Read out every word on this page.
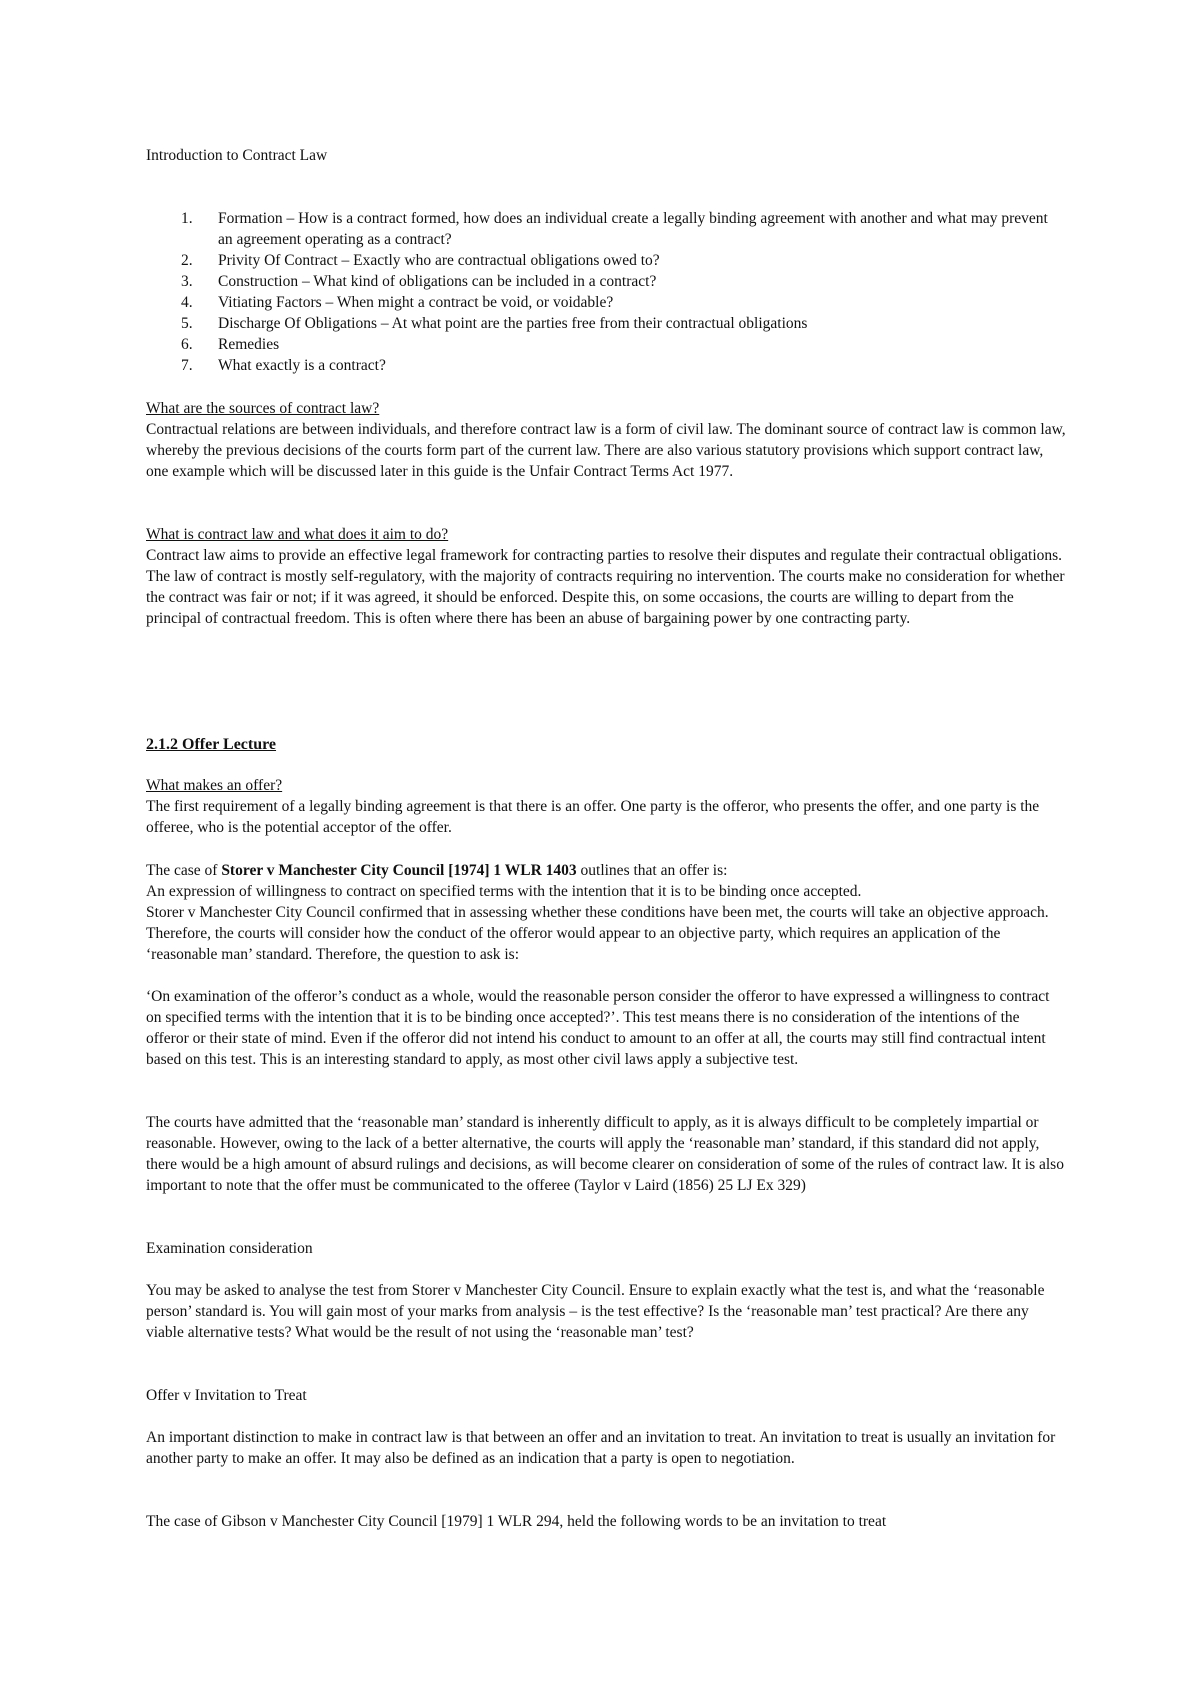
Introduction to Contract Law

1. Formation – How is a contract formed, how does an individual create a legally binding agreement with another and what may prevent an agreement operating as a contract?
2. Privity Of Contract – Exactly who are contractual obligations owed to?
3. Construction – What kind of obligations can be included in a contract?
4. Vitiating Factors – When might a contract be void, or voidable?
5. Discharge Of Obligations – At what point are the parties free from their contractual obligations
6. Remedies
7. What exactly is a contract?

What are the sources of contract law?

Contractual relations are between individuals, and therefore contract law is a form of civil law. The dominant source of contract law is common law, whereby the previous decisions of the courts form part of the current law. There are also various statutory provisions which support contract law, one example which will be discussed later in this guide is the Unfair Contract Terms Act 1977.

What is contract law and what does it aim to do?

Contract law aims to provide an effective legal framework for contracting parties to resolve their disputes and regulate their contractual obligations. The law of contract is mostly self-regulatory, with the majority of contracts requiring no intervention. The courts make no consideration for whether the contract was fair or not; if it was agreed, it should be enforced. Despite this, on some occasions, the courts are willing to depart from the principal of contractual freedom. This is often where there has been an abuse of bargaining power by one contracting party.

2.1.2 Offer Lecture

What makes an offer?

The first requirement of a legally binding agreement is that there is an offer. One party is the offeror, who presents the offer, and one party is the offeree, who is the potential acceptor of the offer.

The case of Storer v Manchester City Council [1974] 1 WLR 1403 outlines that an offer is:

An expression of willingness to contract on specified terms with the intention that it is to be binding once accepted.

Storer v Manchester City Council confirmed that in assessing whether these conditions have been met, the courts will take an objective approach. Therefore, the courts will consider how the conduct of the offeror would appear to an objective party, which requires an application of the ‘reasonable man’ standard. Therefore, the question to ask is:

‘On examination of the offeror’s conduct as a whole, would the reasonable person consider the offeror to have expressed a willingness to contract on specified terms with the intention that it is to be binding once accepted?’. This test means there is no consideration of the intentions of the offeror or their state of mind. Even if the offeror did not intend his conduct to amount to an offer at all, the courts may still find contractual intent based on this test. This is an interesting standard to apply, as most other civil laws apply a subjective test.

The courts have admitted that the ‘reasonable man’ standard is inherently difficult to apply, as it is always difficult to be completely impartial or reasonable. However, owing to the lack of a better alternative, the courts will apply the ‘reasonable man’ standard, if this standard did not apply, there would be a high amount of absurd rulings and decisions, as will become clearer on consideration of some of the rules of contract law. It is also important to note that the offer must be communicated to the offeree (Taylor v Laird (1856) 25 LJ Ex 329)

Examination consideration

You may be asked to analyse the test from Storer v Manchester City Council. Ensure to explain exactly what the test is, and what the ‘reasonable person’ standard is. You will gain most of your marks from analysis – is the test effective? Is the ‘reasonable man’ test practical? Are there any viable alternative tests? What would be the result of not using the ‘reasonable man’ test?

Offer v Invitation to Treat

An important distinction to make in contract law is that between an offer and an invitation to treat. An invitation to treat is usually an invitation for another party to make an offer. It may also be defined as an indication that a party is open to negotiation.

The case of Gibson v Manchester City Council [1979] 1 WLR 294, held the following words to be an invitation to treat
